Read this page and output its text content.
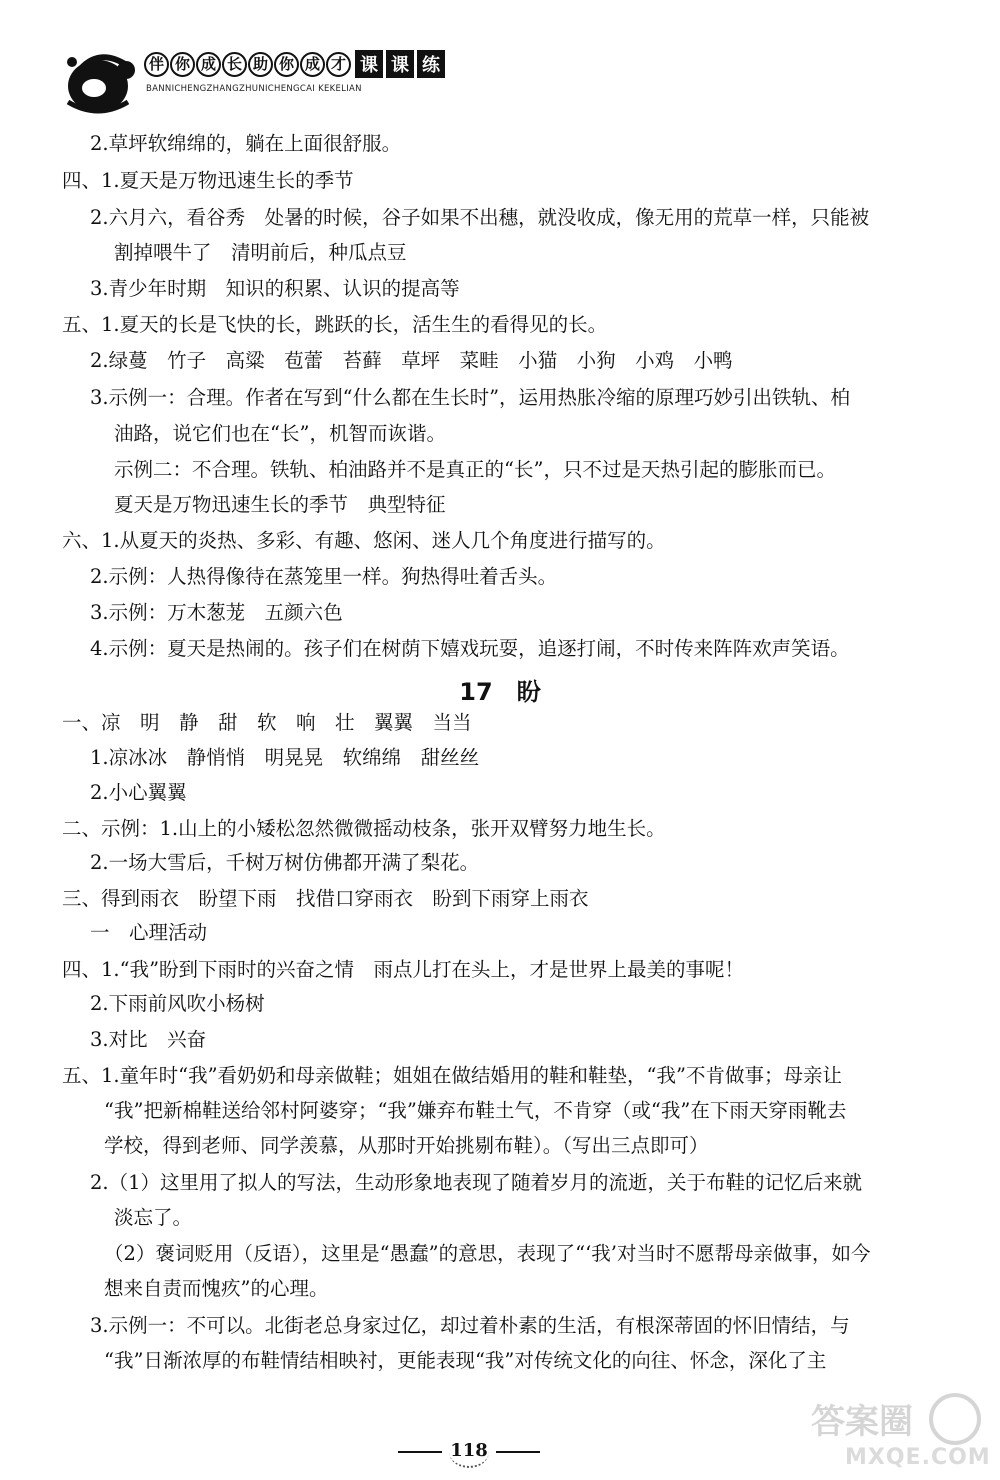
伴 你 成 长 助 你 成 才 课 课 练
BANNICHENGZHANGZHUNICHENGCAI KEKELIAN
2.草坪软绵绵的，躺在上面很舒服。
四、1.夏天是万物迅速生长的季节
2.六月六，看谷秀　处暑的时候，谷子如果不出穗，就没收成，像无用的荒草一样，只能被
割掉喂牛了　清明前后，种瓜点豆
3.青少年时期　知识的积累、认识的提高等
五、1.夏天的长是飞快的长，跳跃的长，活生生的看得见的长。
2.绿蔓　竹子　高粱　苞蕾　苔藓　草坪　菜畦　小猫　小狗　小鸡　小鸭
3.示例一：合理。作者在写到“什么都在生长时”，运用热胀冷缩的原理巧妙引出铁轨、柏
油路，说它们也在“长”，机智而诙谐。
示例二：不合理。铁轨、柏油路并不是真正的“长”，只不过是天热引起的膨胀而已。
夏天是万物迅速生长的季节　典型特征
六、1.从夏天的炎热、多彩、有趣、悠闲、迷人几个角度进行描写的。
2.示例：人热得像待在蒸笼里一样。狗热得吐着舌头。
3.示例：万木葱茏　五颜六色
4.示例：夏天是热闹的。孩子们在树荫下嬉戏玩耍，追逐打闹，不时传来阵阵欢声笑语。
17　盼
一、凉　明　静　甜　软　响　壮　翼翼　当当
1.凉冰冰　静悄悄　明晃晃　软绵绵　甜丝丝
2.小心翼翼
二、示例：1.山上的小矮松忽然微微摇动枝条，张开双臂努力地生长。
2.一场大雪后，千树万树仿佛都开满了梨花。
三、得到雨衣　盼望下雨　找借口穿雨衣　盼到下雨穿上雨衣
一　心理活动
四、1.“我”盼到下雨时的兴奋之情　雨点儿打在头上，才是世界上最美的事呢！
2.下雨前风吹小杨树
3.对比　兴奋
五、1.童年时“我”看奶奶和母亲做鞋；姐姐在做结婚用的鞋和鞋垫，“我”不肯做事；母亲让
“我”把新棉鞋送给邻村阿婆穿；“我”嫌弃布鞋土气，不肯穿（或“我”在下雨天穿雨靴去
学校，得到老师、同学羡慕，从那时开始挑剔布鞋）。（写出三点即可）
2.（1）这里用了拟人的写法，生动形象地表现了随着岁月的流逝，关于布鞋的记忆后来就
淡忘了。
（2）褒词贬用（反语），这里是“愚蠢”的意思，表现了“‘我’对当时不愿帮母亲做事，如今
想来自责而愧疚”的心理。
3.示例一：不可以。北街老总身家过亿，却过着朴素的生活，有根深蒂固的怀旧情结，与
“我”日渐浓厚的布鞋情结相映衬，更能表现“我”对传统文化的向往、怀念，深化了主
118
答案圈
MXQE.COM
